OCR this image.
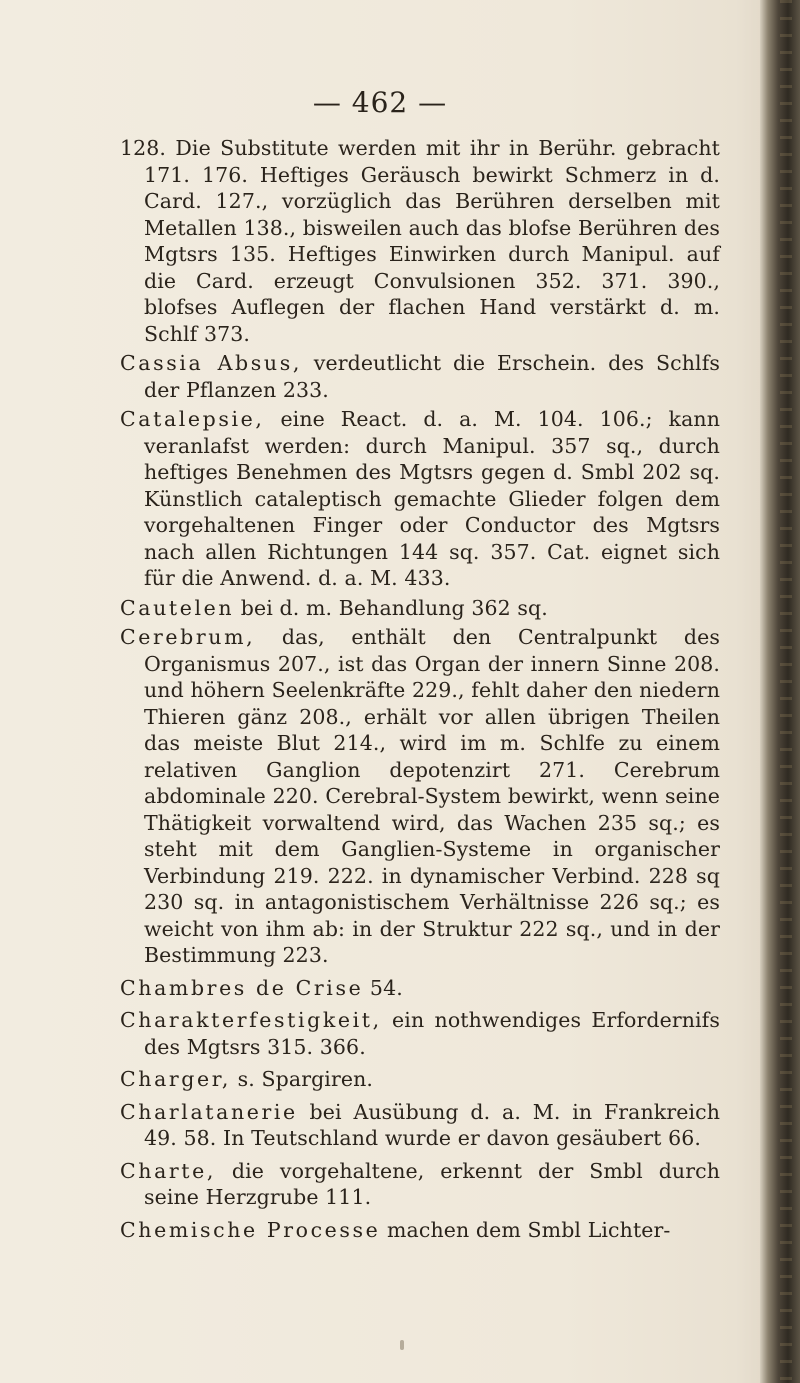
— 462 —

128. Die Substitute werden mit ihr in Berühr. gebracht 171. 176. Heftiges Geräusch bewirkt Schmerz in d. Card. 127., vorzüglich das Berühren derselben mit Metallen 138., bisweilen auch das blofse Berühren des Mgtsrs 135. Heftiges Einwirken durch Manipul. auf die Card. erzeugt Convulsionen 352. 371. 390., blofses Auflegen der flachen Hand verstärkt d. m. Schlf 373.

Cassia Absus, verdeutlicht die Erschein. des Schlfs der Pflanzen 233.

Catalepsie, eine React. d. a. M. 104. 106.; kann veranlafst werden: durch Manipul. 357 sq., durch heftiges Benehmen des Mgtsrs gegen d. Smbl 202 sq. Künstlich cataleptisch gemachte Glieder folgen dem vorgehaltenen Finger oder Conductor des Mgtsrs nach allen Richtungen 144 sq. 357. Cat. eignet sich für die Anwend. d. a. M. 433.

Cautelen bei d. m. Behandlung 362 sq.

Cerebrum, das, enthält den Centralpunkt des Organismus 207., ist das Organ der innern Sinne 208. und höhern Seelenkräfte 229., fehlt daher den niedern Thieren gänz 208., erhält vor allen übrigen Theilen das meiste Blut 214., wird im m. Schlfe zu einem relativen Ganglion depotenzirt 271. Cerebrum abdominale 220. Cerebral-System bewirkt, wenn seine Thätigkeit vorwaltend wird, das Wachen 235 sq.; es steht mit dem Ganglien-Systeme in organischer Verbindung 219. 222. in dynamischer Verbind. 228 sq 230 sq. in antagonistischem Verhältnisse 226 sq.; es weicht von ihm ab: in der Struktur 222 sq., und in der Bestimmung 223.

Chambres de Crise 54.

Charakterfestigkeit, ein nothwendiges Erfordernifs des Mgtsrs 315. 366.

Charger, s. Spargiren.

Charlatanerie bei Ausübung d. a. M. in Frankreich 49. 58. In Teutschland wurde er davon gesäubert 66.

Charte, die vorgehaltene, erkennt der Smbl durch seine Herzgrube 111.

Chemische Processe machen dem Smbl Lichter-
